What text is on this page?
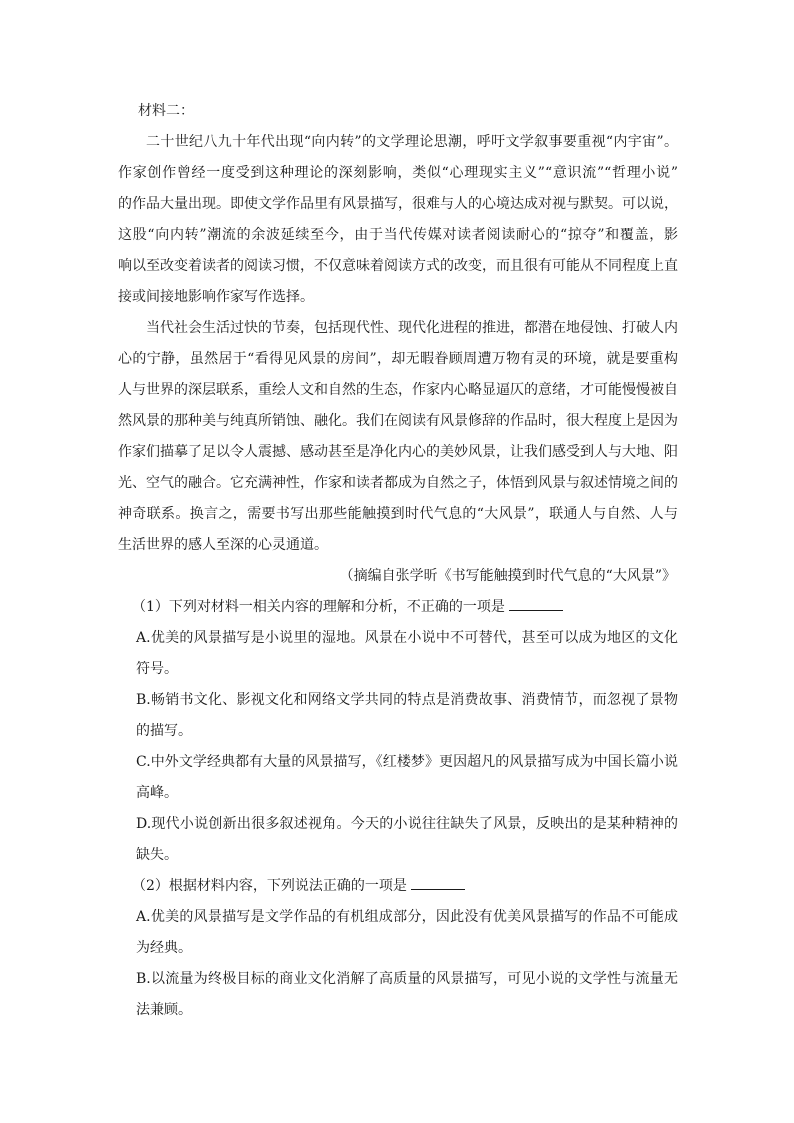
材料二：
二十世纪八九十年代出现“向内转”的文学理论思潮，呼吁文学叙事要重视“内宇宙”。
作家创作曾经一度受到这种理论的深刻影响，类似“心理现实主义”“意识流”“哲理小说”
的作品大量出现。即使文学作品里有风景描写，很难与人的心境达成对视与默契。可以说，
这股“向内转”潮流的余波延续至今，由于当代传媒对读者阅读耐心的“掠夺”和覆盖，影
响以至改变着读者的阅读习惯，不仅意味着阅读方式的改变，而且很有可能从不同程度上直
接或间接地影响作家写作选择。
当代社会生活过快的节奏，包括现代性、现代化进程的推进，都潜在地侵蚀、打破人内
心的宁静，虽然居于“看得见风景的房间”，却无暇眷顾周遭万物有灵的环境，就是要重构
人与世界的深层联系，重绘人文和自然的生态，作家内心略显逼仄的意绪，才可能慢慢被自
然风景的那种美与纯真所销蚀、融化。我们在阅读有风景修辞的作品时，很大程度上是因为
作家们描摹了足以令人震撼、感动甚至是净化内心的美妙风景，让我们感受到人与大地、阳
光、空气的融合。它充满神性，作家和读者都成为自然之子，体悟到风景与叙述情境之间的
神奇联系。换言之，需要书写出那些能触摸到时代气息的“大风景”，联通人与自然、人与
生活世界的感人至深的心灵通道。
（摘编自张学昕《书写能触摸到时代气息的“大风景”》
（1）下列对材料一相关内容的理解和分析，不正确的一项是
A.优美的风景描写是小说里的湿地。风景在小说中不可替代，甚至可以成为地区的文化
符号。
B.畅销书文化、影视文化和网络文学共同的特点是消费故事、消费情节，而忽视了景物
的描写。
C.中外文学经典都有大量的风景描写，《红楼梦》更因超凡的风景描写成为中国长篇小说
高峰。
D.现代小说创新出很多叙述视角。今天的小说往往缺失了风景，反映出的是某种精神的
缺失。
（2）根据材料内容，下列说法正确的一项是
A.优美的风景描写是文学作品的有机组成部分，因此没有优美风景描写的作品不可能成
为经典。
B.以流量为终极目标的商业文化消解了高质量的风景描写，可见小说的文学性与流量无
法兼顾。
